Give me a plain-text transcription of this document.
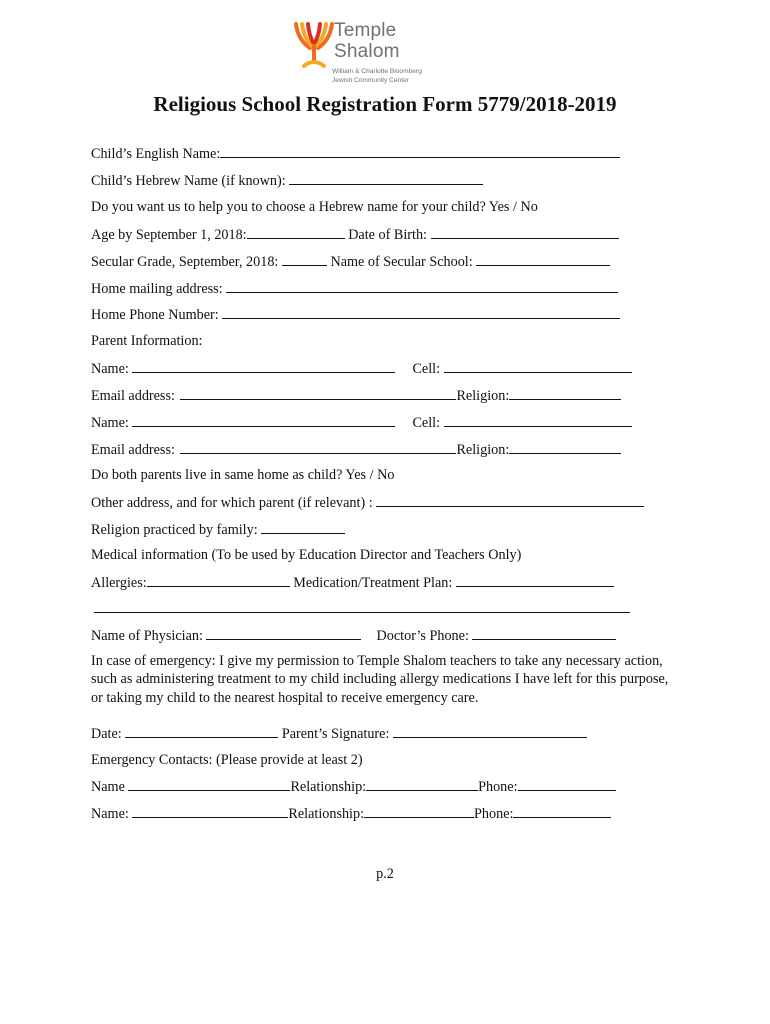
Temple
Shalom
William & Charlotte Bloomberg
Jewish Community Center
Religious School Registration Form 5779/2018-2019
Child’s English Name:
Child’s Hebrew Name (if known):
Do you want us to help you to choose a Hebrew name for your child? Yes / No
Age by September 1, 2018:	Date of Birth:
Secular Grade, September, 2018:	Name of Secular School:
Home mailing address:
Home Phone Number:
Parent Information:
Name:	Cell:
Email address:	Religion:
Name:	Cell:
Email address:	Religion:
Do both parents live in same home as child? Yes / No
Other address, and for which parent (if relevant) :
Religion practiced by family:
Medical information (To be used by Education Director and Teachers Only)
Allergies:	Medication/Treatment Plan:
Name of Physician:	Doctor’s Phone:

In case of emergency: I give my permission to Temple Shalom teachers to take any necessary action, such as administering treatment to my child including allergy medications I have left for this purpose, or taking my child to the nearest hospital to receive emergency care.

Date:	Parent’s Signature:
Emergency Contacts: (Please provide at least 2)
Name	Relationship:	Phone:
Name:	Relationship:	Phone:
p.2
